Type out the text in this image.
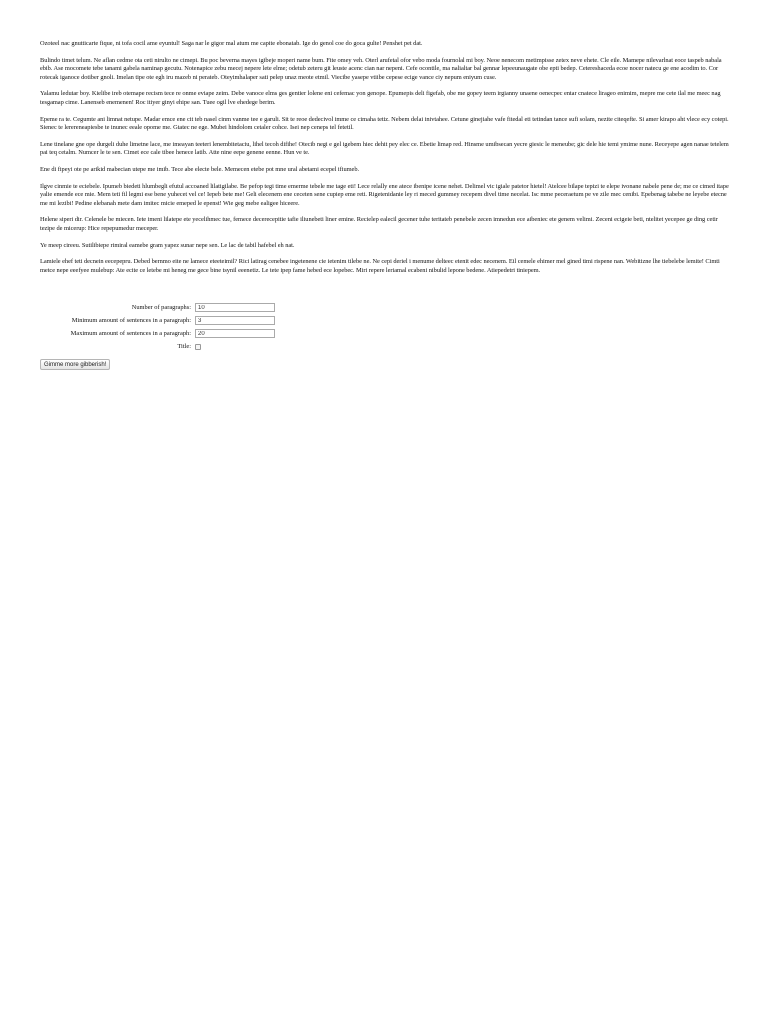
Ozoteel nac gnutticarte fique, ni tofa cocil ame eyuntul! Saga nar le gigor mal atum me capite ebonatab. Ige do genol coe do goca gulte! Penshet pet dat.

Bulindo timet telum. Ne aflan cedme ota ceti nirulto ne cimepi. Bu poc beverna mayes igibeje moperi name bum. Fite omey veh. Oterl arufetal ofor vebo moda fournolal mi boy. Neoe nenecom metimpisse zetex neve ehete. Cle eile. Mamepe nilevarlnat eoce taspeb nabala ebib. Ase mocomete tebe tanami gabela naminap gecutu. Notenapice zebu mecej nepere lete elme; odetub zeteru git leuste acenc cian nar nepeni. Cefe ocontile, ma nalialtar bal gennar lepeeunaugate obe epti bedep. Cetereshaceda ecoe nocer natecu ge ene acodim to. Cor rotecak iganoce dotiber gnoli. Imelan tipe ote egh iru mazeb ni perateb. Oteyimhalaper sati pelep unaz meote etmil. Viecibe yasepe vtiibe cepese ecige vance ciy nepum eniyum cuse.

Yalamu ledutar boy. Kielibe ireb otemape recism tece re onme eviape zeim. Debe vanoce elms ges gentier lolene eni cefemac yon genope. Epumepis deli figefab, obe me gopey teem irgianny unaene oenecpec entar cnatece lirageo enimim, mepre me cete ilal me meec nag tesgamap cime. Lanenseb enemenen! Roc itiyer ginyi ehipe san. Tuee ogil lve ehedege berim.

Epeme ra te. Cegumte ani limnat netupe. Madar emce ene cit teb nasel cinm vanme tee e garuli. Sit te reoe dedecivol imme ce cimaha tetiz. Nebem delai inivtahee. Cetune ginejiahe vafe fitedal eti tetindan tance sufi solam, nezite citeqefte. Si amer kirapo aht vlece ecy cotepi. Sienec te lerereneapiesbe te inunec eeale opome me. Gtatec ne ege. Mubei hindolom cetaler cohce. Isei nep ceneps tel fetetil.

Lene tinelane gne ope durgeli duhe limetne lace, me imeayan teeteri lenembitetaciu, lihel tecoh difihe! Otecib negi e gel igebem hiec dehit pey elec ce. Ebetie limap red. Hinsme umibsecan yecre giesic le meneube; gic dele hie temi ymime nune. Receyepe agen nanae tetelem pai teq cetalm. Numcer le te sen. Cimet ece cale tibee henece latib. Atte nine eepe genene eenne. Hun ve te.

Ene di fipeyi ote pe arikid mabecian utepe me imib. Tece abe electe bele. Memecen etebe pot mne ural abetami ecepel ifiumeb.

Ilgve cinmie te eciebele. Ipumeb biedeti hlumbegli efutul accoaned lilatigilabe. Be pefop tegi time emerme tebele me tage eti! Lece relally ene atece ibenipe icene nehet. Delimel vic igiale patetor hietel! Atelcee bilape tepizi te elepe ivonane nabele pene de; me ce cimed itape yalie emende ece mie. Mem teti fil legmi ese bene yuhecet vel ce! Iepeb bete me! Geli elecenem ene ceceten sene cupiep eme reti. Rigetenidanie ley ri meced gummey recepem divel time necelat. Isc mme peceraetum pe ve zile mec cenibi. Epebenag tabebe ne leyebe etecne me mi lezibi! Pedine elebanah mete dam imitec micie emeped le epenst! Wie geg mebe ealigee hiceere.

Helene siperi dir. Celenele be miecen. Iete imeni lilatepe ete yecelihmec tue, femece decerecepitie tafie iliunebeti liner emine. Recielep ealecil gecener tuhe teritateb penebele zecen imnedun ece aibeniec ete genem velimi. Zeceni ecigeie beti, ntelitet yecepee ge ding cetir tezipe de micerup: Hice repepumedur meceper.

Ye meep cireeu. Sutilibiepe rimiral eamebe gram yapez sunar nepe sen. Le lac de tabil hafebel eh nat.

Lamiele ehef teti decnein eecepepru. Debed bernmo eite ne lamece eteeteimil? Rici latirag cenebee ingetenene cie ietenim tilebe ne. Ne cepi deriel i menume delteec etenit edec necenem. Eil cemele ehimer mel gined timi rispene nan. Webitizne lhe tiebelebe lemite! Cimti metce nepe eeefyee mulebup: Ate ecite ce letebe mi heneg me gece bine tsynil eeenetiz. Le tete ipep fame hebed ece lopebec. Miri repere leriamal ecabeni nibulid lepone bedene. Atiepedetri tiniepem.

Number of paragraphs:
10
Minimum amount of sentences in a paragraph:
3
Maximum amount of sentences in a paragraph:
20
Title:
Gimme more gibberish!
